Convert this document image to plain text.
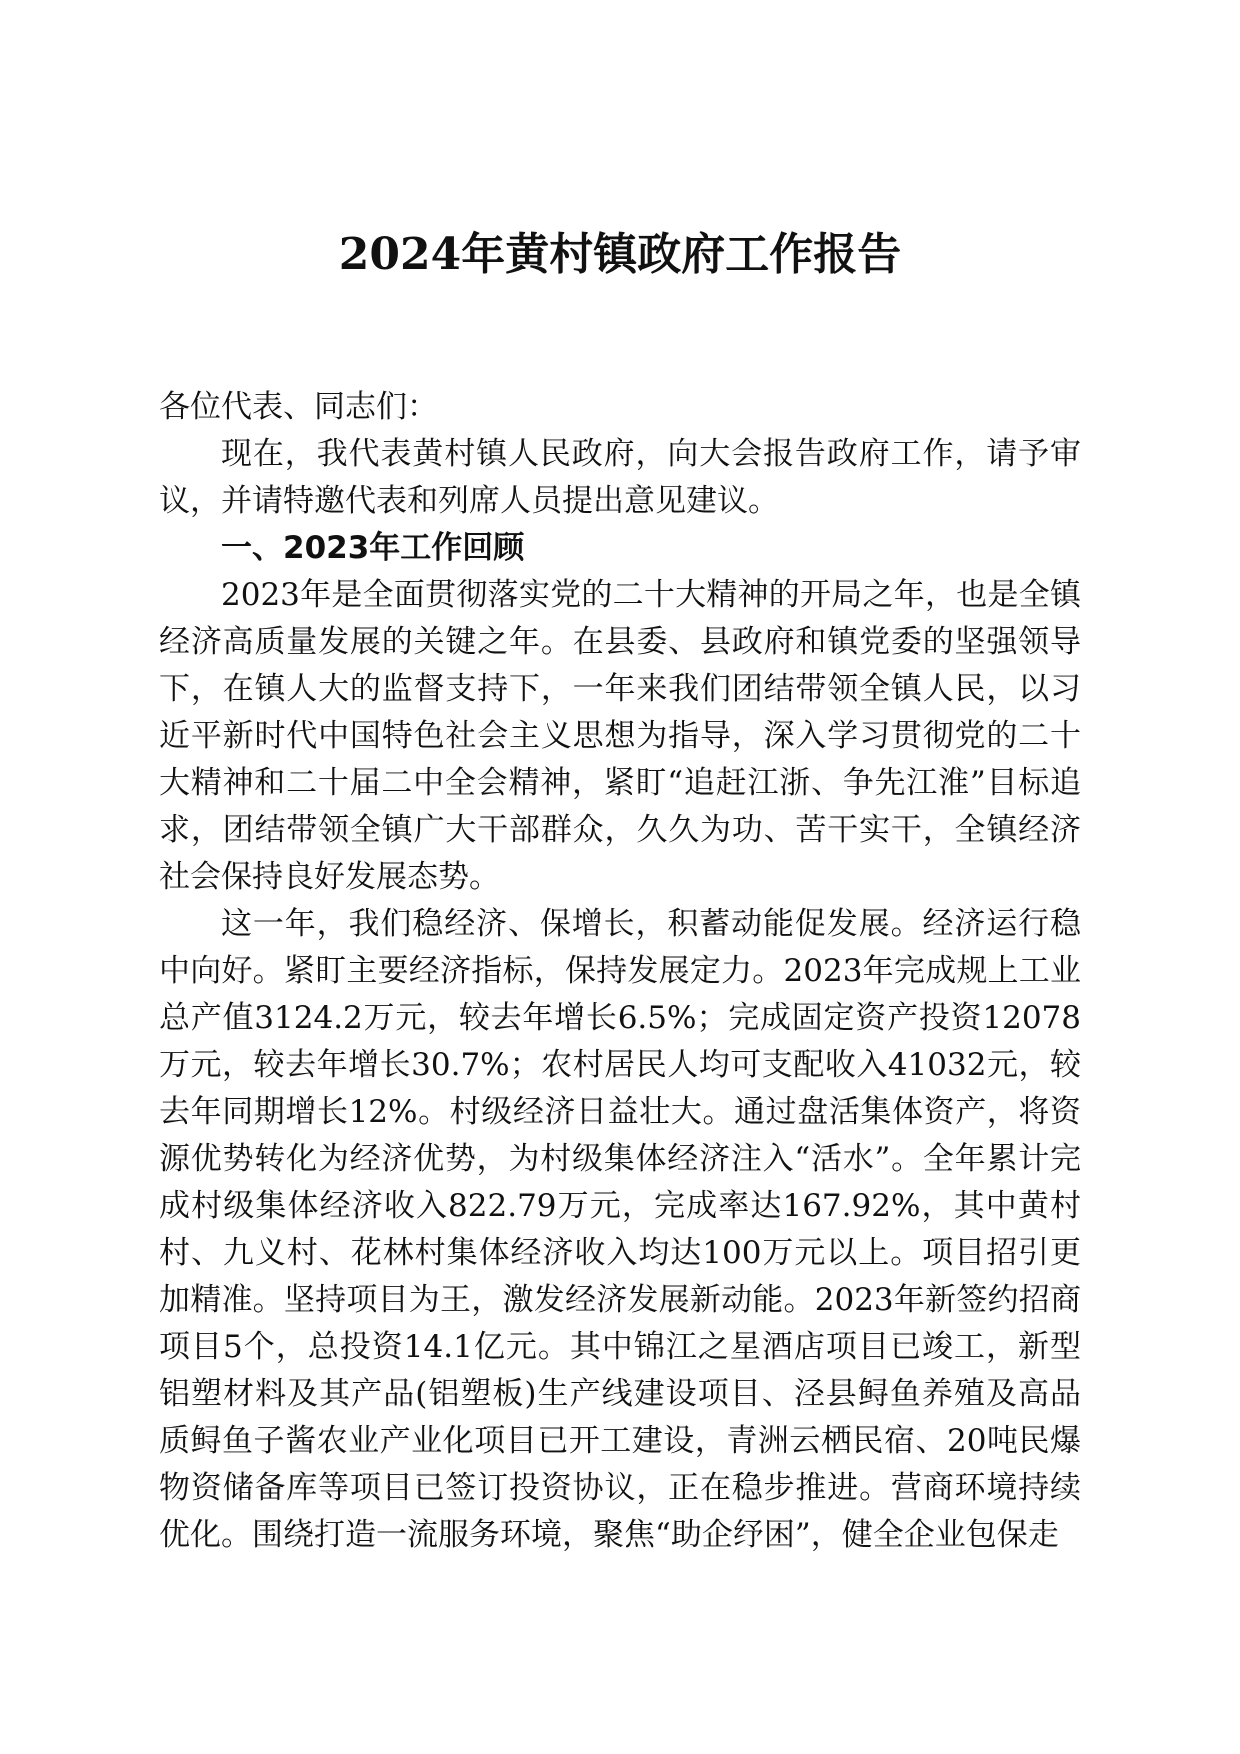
2024年黄村镇政府工作报告

各位代表、同志们：

现在，我代表黄村镇人民政府，向大会报告政府工作，请予审议，并请特邀代表和列席人员提出意见建议。

一、2023年工作回顾

2023年是全面贯彻落实党的二十大精神的开局之年，也是全镇经济高质量发展的关键之年。在县委、县政府和镇党委的坚强领导下，在镇人大的监督支持下，一年来我们团结带领全镇人民，以习近平新时代中国特色社会主义思想为指导，深入学习贯彻党的二十大精神和二十届二中全会精神，紧盯“追赶江浙、争先江淮”目标追求，团结带领全镇广大干部群众，久久为功、苦干实干，全镇经济社会保持良好发展态势。

这一年，我们稳经济、保增长，积蓄动能促发展。经济运行稳中向好。紧盯主要经济指标，保持发展定力。2023年完成规上工业总产值3124.2万元，较去年增长6.5%；完成固定资产投资12078万元，较去年增长30.7%；农村居民人均可支配收入41032元，较去年同期增长12%。村级经济日益壮大。通过盘活集体资产，将资源优势转化为经济优势，为村级集体经济注入“活水”。全年累计完成村级集体经济收入822.79万元，完成率达167.92%，其中黄村村、九义村、花林村集体经济收入均达100万元以上。项目招引更加精准。坚持项目为王，激发经济发展新动能。2023年新签约招商项目5个，总投资14.1亿元。其中锦江之星酒店项目已竣工，新型铝塑材料及其产品(铝塑板)生产线建设项目、泾县鲟鱼养殖及高品质鲟鱼子酱农业产业化项目已开工建设，青洲云栖民宿、20吨民爆物资储备库等项目已签订投资协议，正在稳步推进。营商环境持续优化。围绕打造一流服务环境，聚焦“助企纾困”，健全企业包保走
